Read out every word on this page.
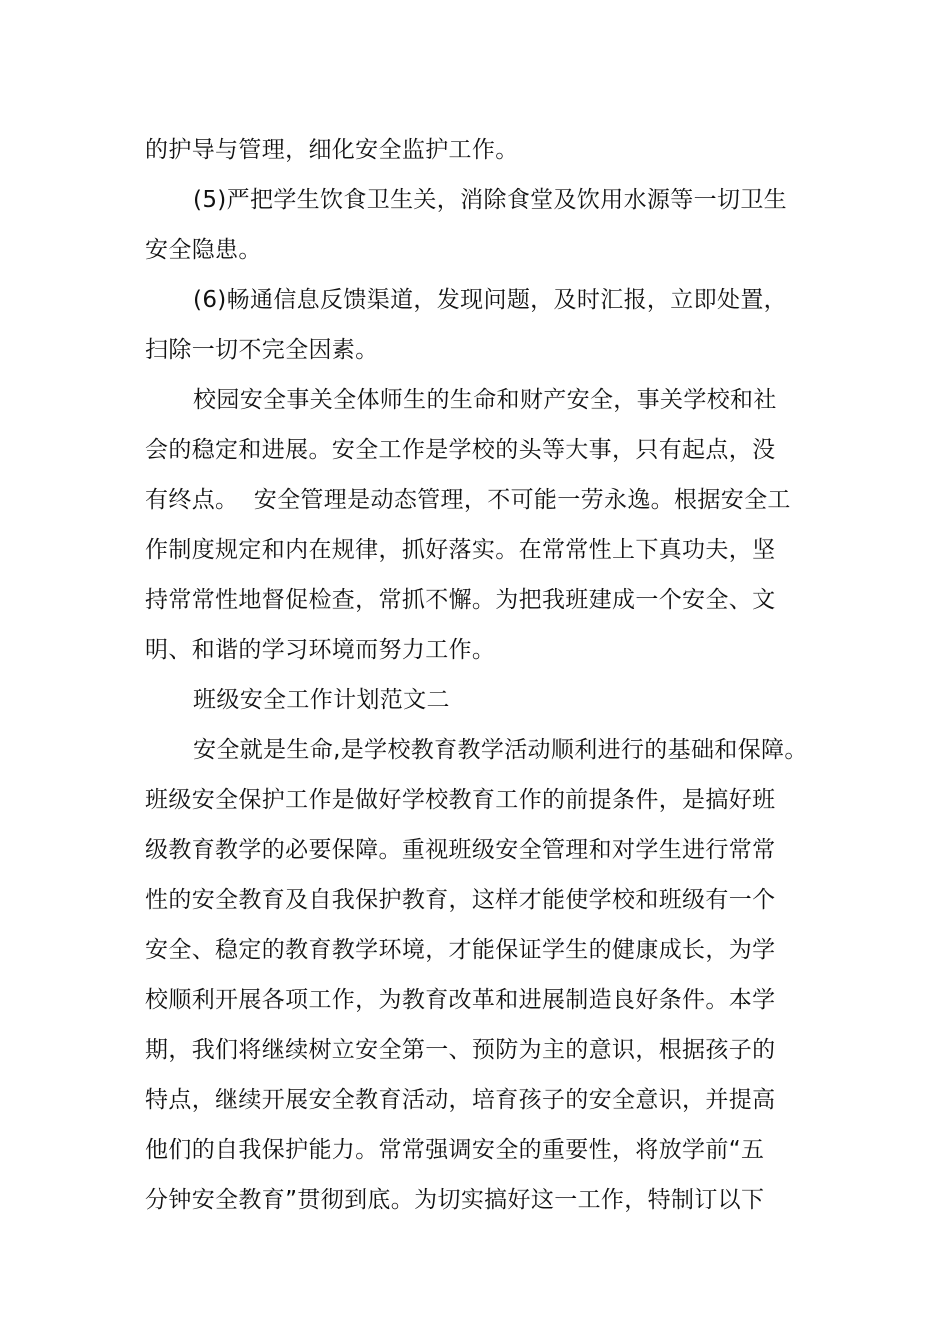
的护导与管理，细化安全监护工作。
(5)严把学生饮食卫生关，消除食堂及饮用水源等一切卫生
安全隐患。
(6)畅通信息反馈渠道，发现问题，及时汇报，立即处置，
扫除一切不完全因素。
校园安全事关全体师生的生命和财产安全，事关学校和社
会的稳定和进展。安全工作是学校的头等大事，只有起点，没
有终点。  安全管理是动态管理，不可能一劳永逸。根据安全工
作制度规定和内在规律，抓好落实。在常常性上下真功夫，坚
持常常性地督促检查，常抓不懈。为把我班建成一个安全、文
明、和谐的学习环境而努力工作。
班级安全工作计划范文二
安全就是生命,是学校教育教学活动顺利进行的基础和保障。
班级安全保护工作是做好学校教育工作的前提条件，是搞好班
级教育教学的必要保障。重视班级安全管理和对学生进行常常
性的安全教育及自我保护教育，这样才能使学校和班级有一个
安全、稳定的教育教学环境，才能保证学生的健康成长，为学
校顺利开展各项工作，为教育改革和进展制造良好条件。本学
期，我们将继续树立安全第一、预防为主的意识，根据孩子的
特点，继续开展安全教育活动，培育孩子的安全意识，并提高
他们的自我保护能力。常常强调安全的重要性，将放学前“五
分钟安全教育”贯彻到底。为切实搞好这一工作，特制订以下
